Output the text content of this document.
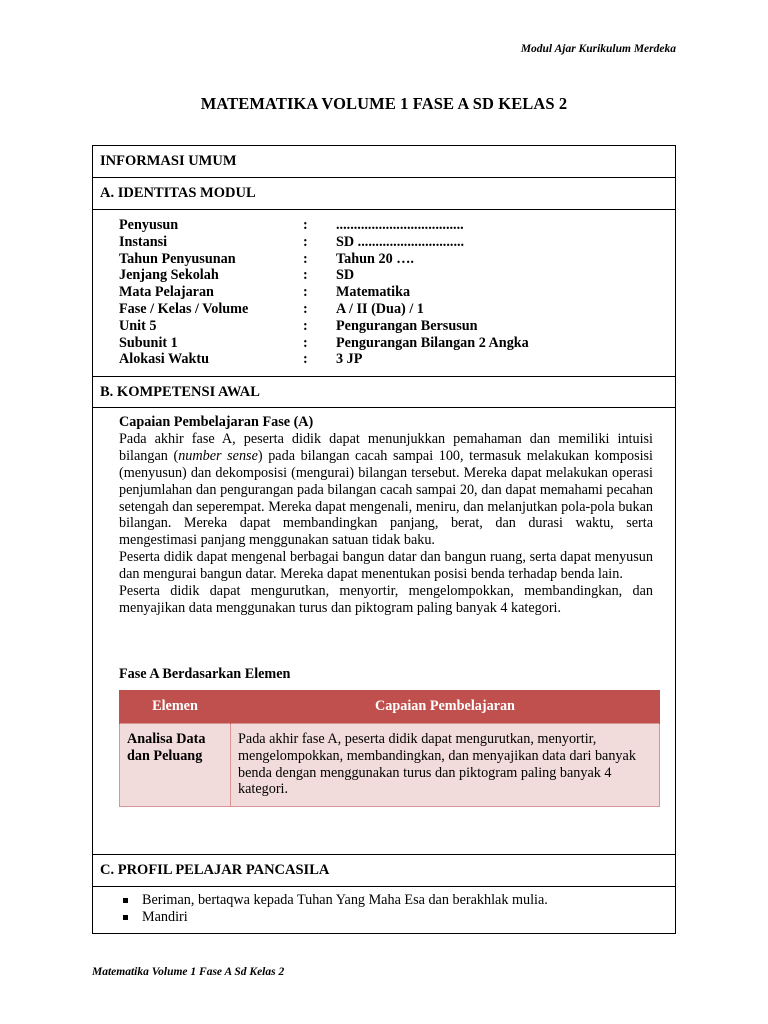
Modul Ajar Kurikulum Merdeka
MATEMATIKA VOLUME 1 FASE A SD KELAS 2
INFORMASI UMUM
A. IDENTITAS MODUL
Penyusun	:	....................................
Instansi	:	SD ..............................
Tahun Penyusunan	:	Tahun 20 ….
Jenjang Sekolah	:	SD
Mata Pelajaran	:	Matematika
Fase / Kelas / Volume	:	A / II (Dua) / 1
Unit 5	:	Pengurangan Bersusun
Subunit 1	:	Pengurangan Bilangan 2 Angka
Alokasi Waktu	:	3 JP
B. KOMPETENSI AWAL

Capaian Pembelajaran Fase (A)

Pada akhir fase A, peserta didik dapat menunjukkan pemahaman dan memiliki intuisi bilangan (number sense) pada bilangan cacah sampai 100, termasuk melakukan komposisi (menyusun) dan dekomposisi (mengurai) bilangan tersebut. Mereka dapat melakukan operasi penjumlahan dan pengurangan pada bilangan cacah sampai 20, dan dapat memahami pecahan setengah dan seperempat. Mereka dapat mengenali, meniru, dan melanjutkan pola-pola bukan bilangan. Mereka dapat membandingkan panjang, berat, dan durasi waktu, serta mengestimasi panjang menggunakan satuan tidak baku.

Peserta didik dapat mengenal berbagai bangun datar dan bangun ruang, serta dapat menyusun dan mengurai bangun datar. Mereka dapat menentukan posisi benda terhadap benda lain.

Peserta didik dapat mengurutkan, menyortir, mengelompokkan, membandingkan, dan menyajikan data menggunakan turus dan piktogram paling banyak 4 kategori.

Fase A Berdasarkan Elemen
Elemen	Capaian Pembelajaran
Analisa Data dan Peluang	Pada akhir fase A, peserta didik dapat mengurutkan, menyortir, mengelompokkan, membandingkan, dan menyajikan data dari banyak benda dengan menggunakan turus dan piktogram paling banyak 4 kategori.
C. PROFIL PELAJAR PANCASILA
Beriman, bertaqwa kepada Tuhan Yang Maha Esa dan berakhlak mulia.
Mandiri
Matematika Volume 1 Fase A Sd Kelas 2
